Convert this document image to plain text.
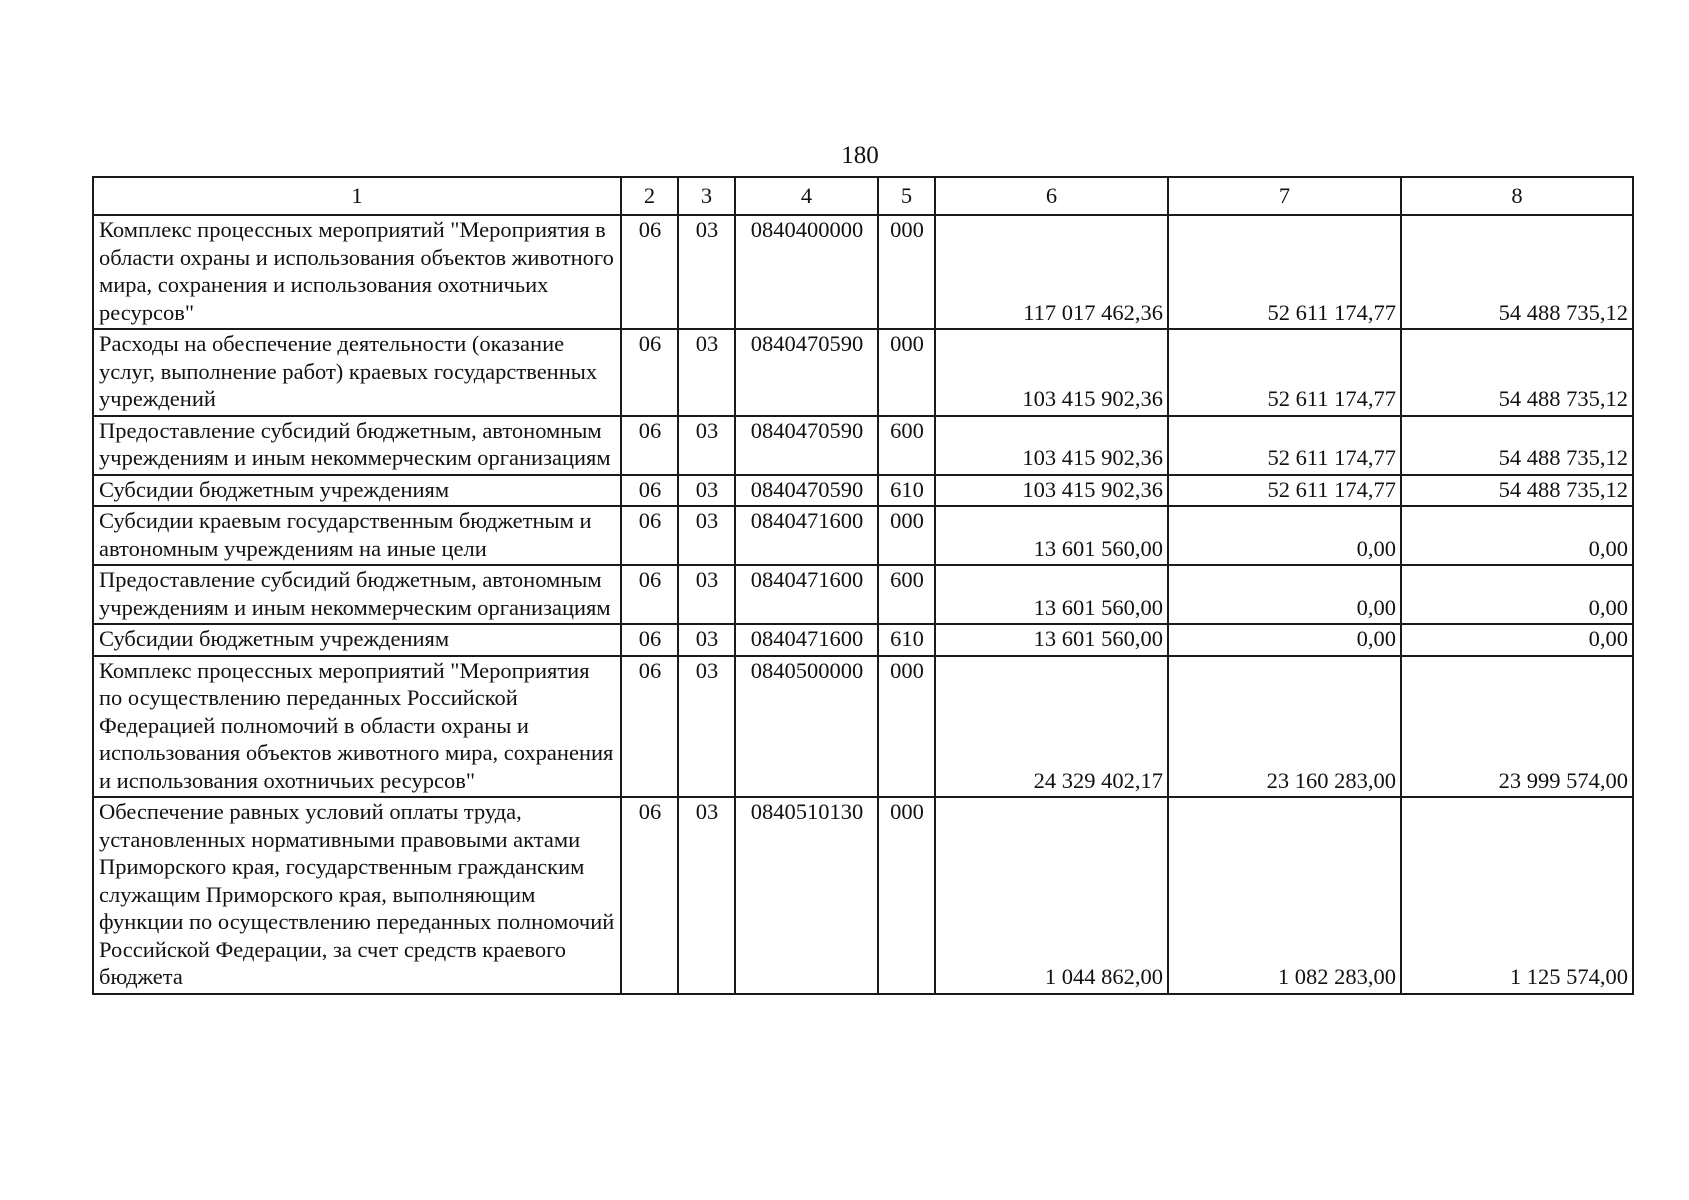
180
1	2	3	4	5	6	7	8
Комплекс процессных мероприятий "Мероприятия в области охраны и использования объектов животного мира, сохранения и использования охотничьих ресурсов"	06	03	0840400000	000	117 017 462,36	52 611 174,77	54 488 735,12
Расходы на обеспечение деятельности (оказание услуг, выполнение работ) краевых государственных учреждений	06	03	0840470590	000	103 415 902,36	52 611 174,77	54 488 735,12
Предоставление субсидий бюджетным, автономным учреждениям и иным некоммерческим организациям	06	03	0840470590	600	103 415 902,36	52 611 174,77	54 488 735,12
Субсидии бюджетным учреждениям	06	03	0840470590	610	103 415 902,36	52 611 174,77	54 488 735,12
Субсидии краевым государственным бюджетным и автономным учреждениям на иные цели	06	03	0840471600	000	13 601 560,00	0,00	0,00
Предоставление субсидий бюджетным, автономным учреждениям и иным некоммерческим организациям	06	03	0840471600	600	13 601 560,00	0,00	0,00
Субсидии бюджетным учреждениям	06	03	0840471600	610	13 601 560,00	0,00	0,00
Комплекс процессных мероприятий "Мероприятия по осуществлению переданных Российской Федерацией полномочий в области охраны и использования объектов животного мира, сохранения и использования охотничьих ресурсов"	06	03	0840500000	000	24 329 402,17	23 160 283,00	23 999 574,00
Обеспечение равных условий оплаты труда, установленных нормативными правовыми актами Приморского края, государственным гражданским служащим Приморского края, выполняющим функции по осуществлению переданных полномочий Российской Федерации, за счет средств краевого бюджета	06	03	0840510130	000	1 044 862,00	1 082 283,00	1 125 574,00
